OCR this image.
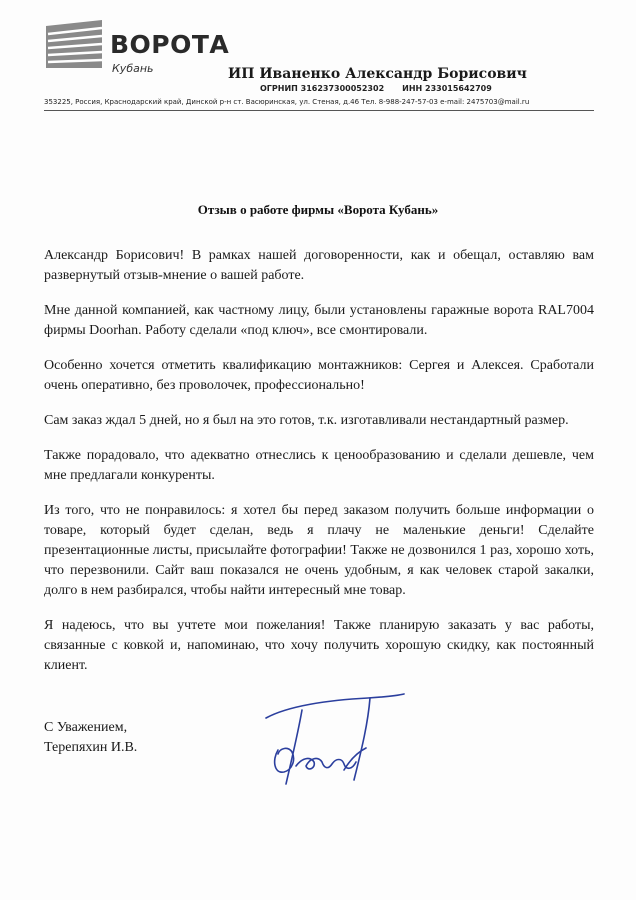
ВОРОТА
Кубань	ИП Иваненко Александр Борисович
ОГРНИП 316237300052302 ИНН 233015642709
353225, Россия, Краснодарский край, Динской р-н ст. Васюринская, ул. Стеная, д.46 Тел. 8-988-247-57-03 e-mail: 2475703@mail.ru
Отзыв о работе фирмы «Ворота Кубань»

Александр Борисович! В рамках нашей договоренности, как и обещал, оставляю вам развернутый отзыв-мнение о вашей работе.

Мне данной компанией, как частному лицу, были установлены гаражные ворота RAL7004 фирмы Doorhan. Работу сделали «под ключ», все смонтировали.

Особенно хочется отметить квалификацию монтажников: Сергея и Алексея. Сработали очень оперативно, без проволочек, профессионально!

Сам заказ ждал 5 дней, но я был на это готов, т.к. изготавливали нестандартный размер.

Также порадовало, что адекватно отнеслись к ценообразованию и сделали дешевле, чем мне предлагали конкуренты.

Из того, что не понравилось: я хотел бы перед заказом получить больше информации о товаре, который будет сделан, ведь я плачу не маленькие деньги! Сделайте презентационные листы, присылайте фотографии! Также не дозвонился 1 раз, хорошо хоть, что перезвонили. Сайт ваш показался не очень удобным, я как человек старой закалки, долго в нем разбирался, чтобы найти интересный мне товар.

Я надеюсь, что вы учтете мои пожелания! Также планирую заказать у вас работы, связанные с ковкой и, напоминаю, что хочу получить хорошую скидку, как постоянный клиент.

С Уважением,
Терепяхин И.В.
